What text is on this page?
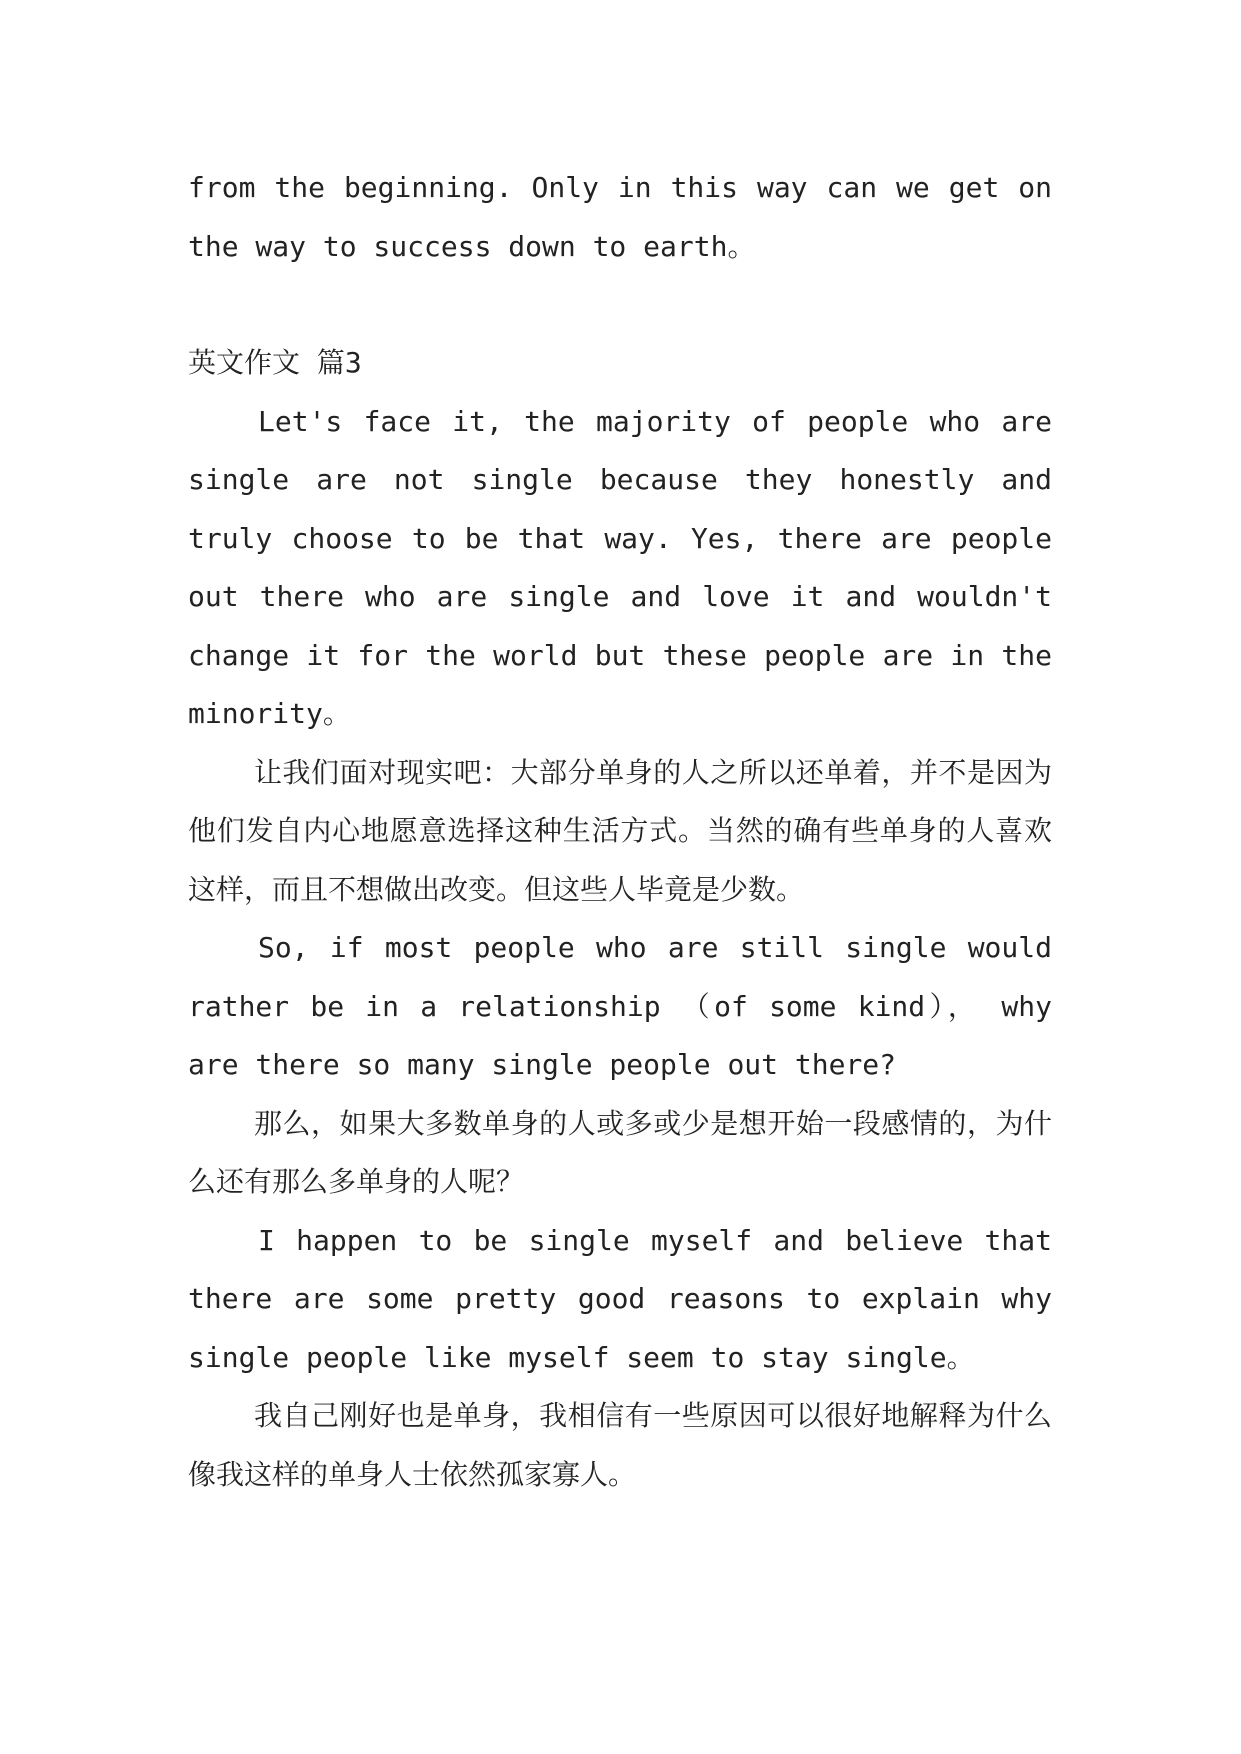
from the beginning. Only in this way can we get on the way to success down to earth。

英文作文 篇3

Let's face it, the majority of people who are single are not single because they honestly and truly choose to be that way. Yes, there are people out there who are single and love it and wouldn't change it for the world but these people are in the minority。

让我们面对现实吧：大部分单身的人之所以还单着，并不是因为他们发自内心地愿意选择这种生活方式。当然的确有些单身的人喜欢这样，而且不想做出改变。但这些人毕竟是少数。

So, if most people who are still single would rather be in a relationship （of some kind）， why are there so many single people out there?

那么，如果大多数单身的人或多或少是想开始一段感情的，为什么还有那么多单身的人呢？

I happen to be single myself and believe that there are some pretty good reasons to explain why single people like myself seem to stay single。

我自己刚好也是单身，我相信有一些原因可以很好地解释为什么像我这样的单身人士依然孤家寡人。
